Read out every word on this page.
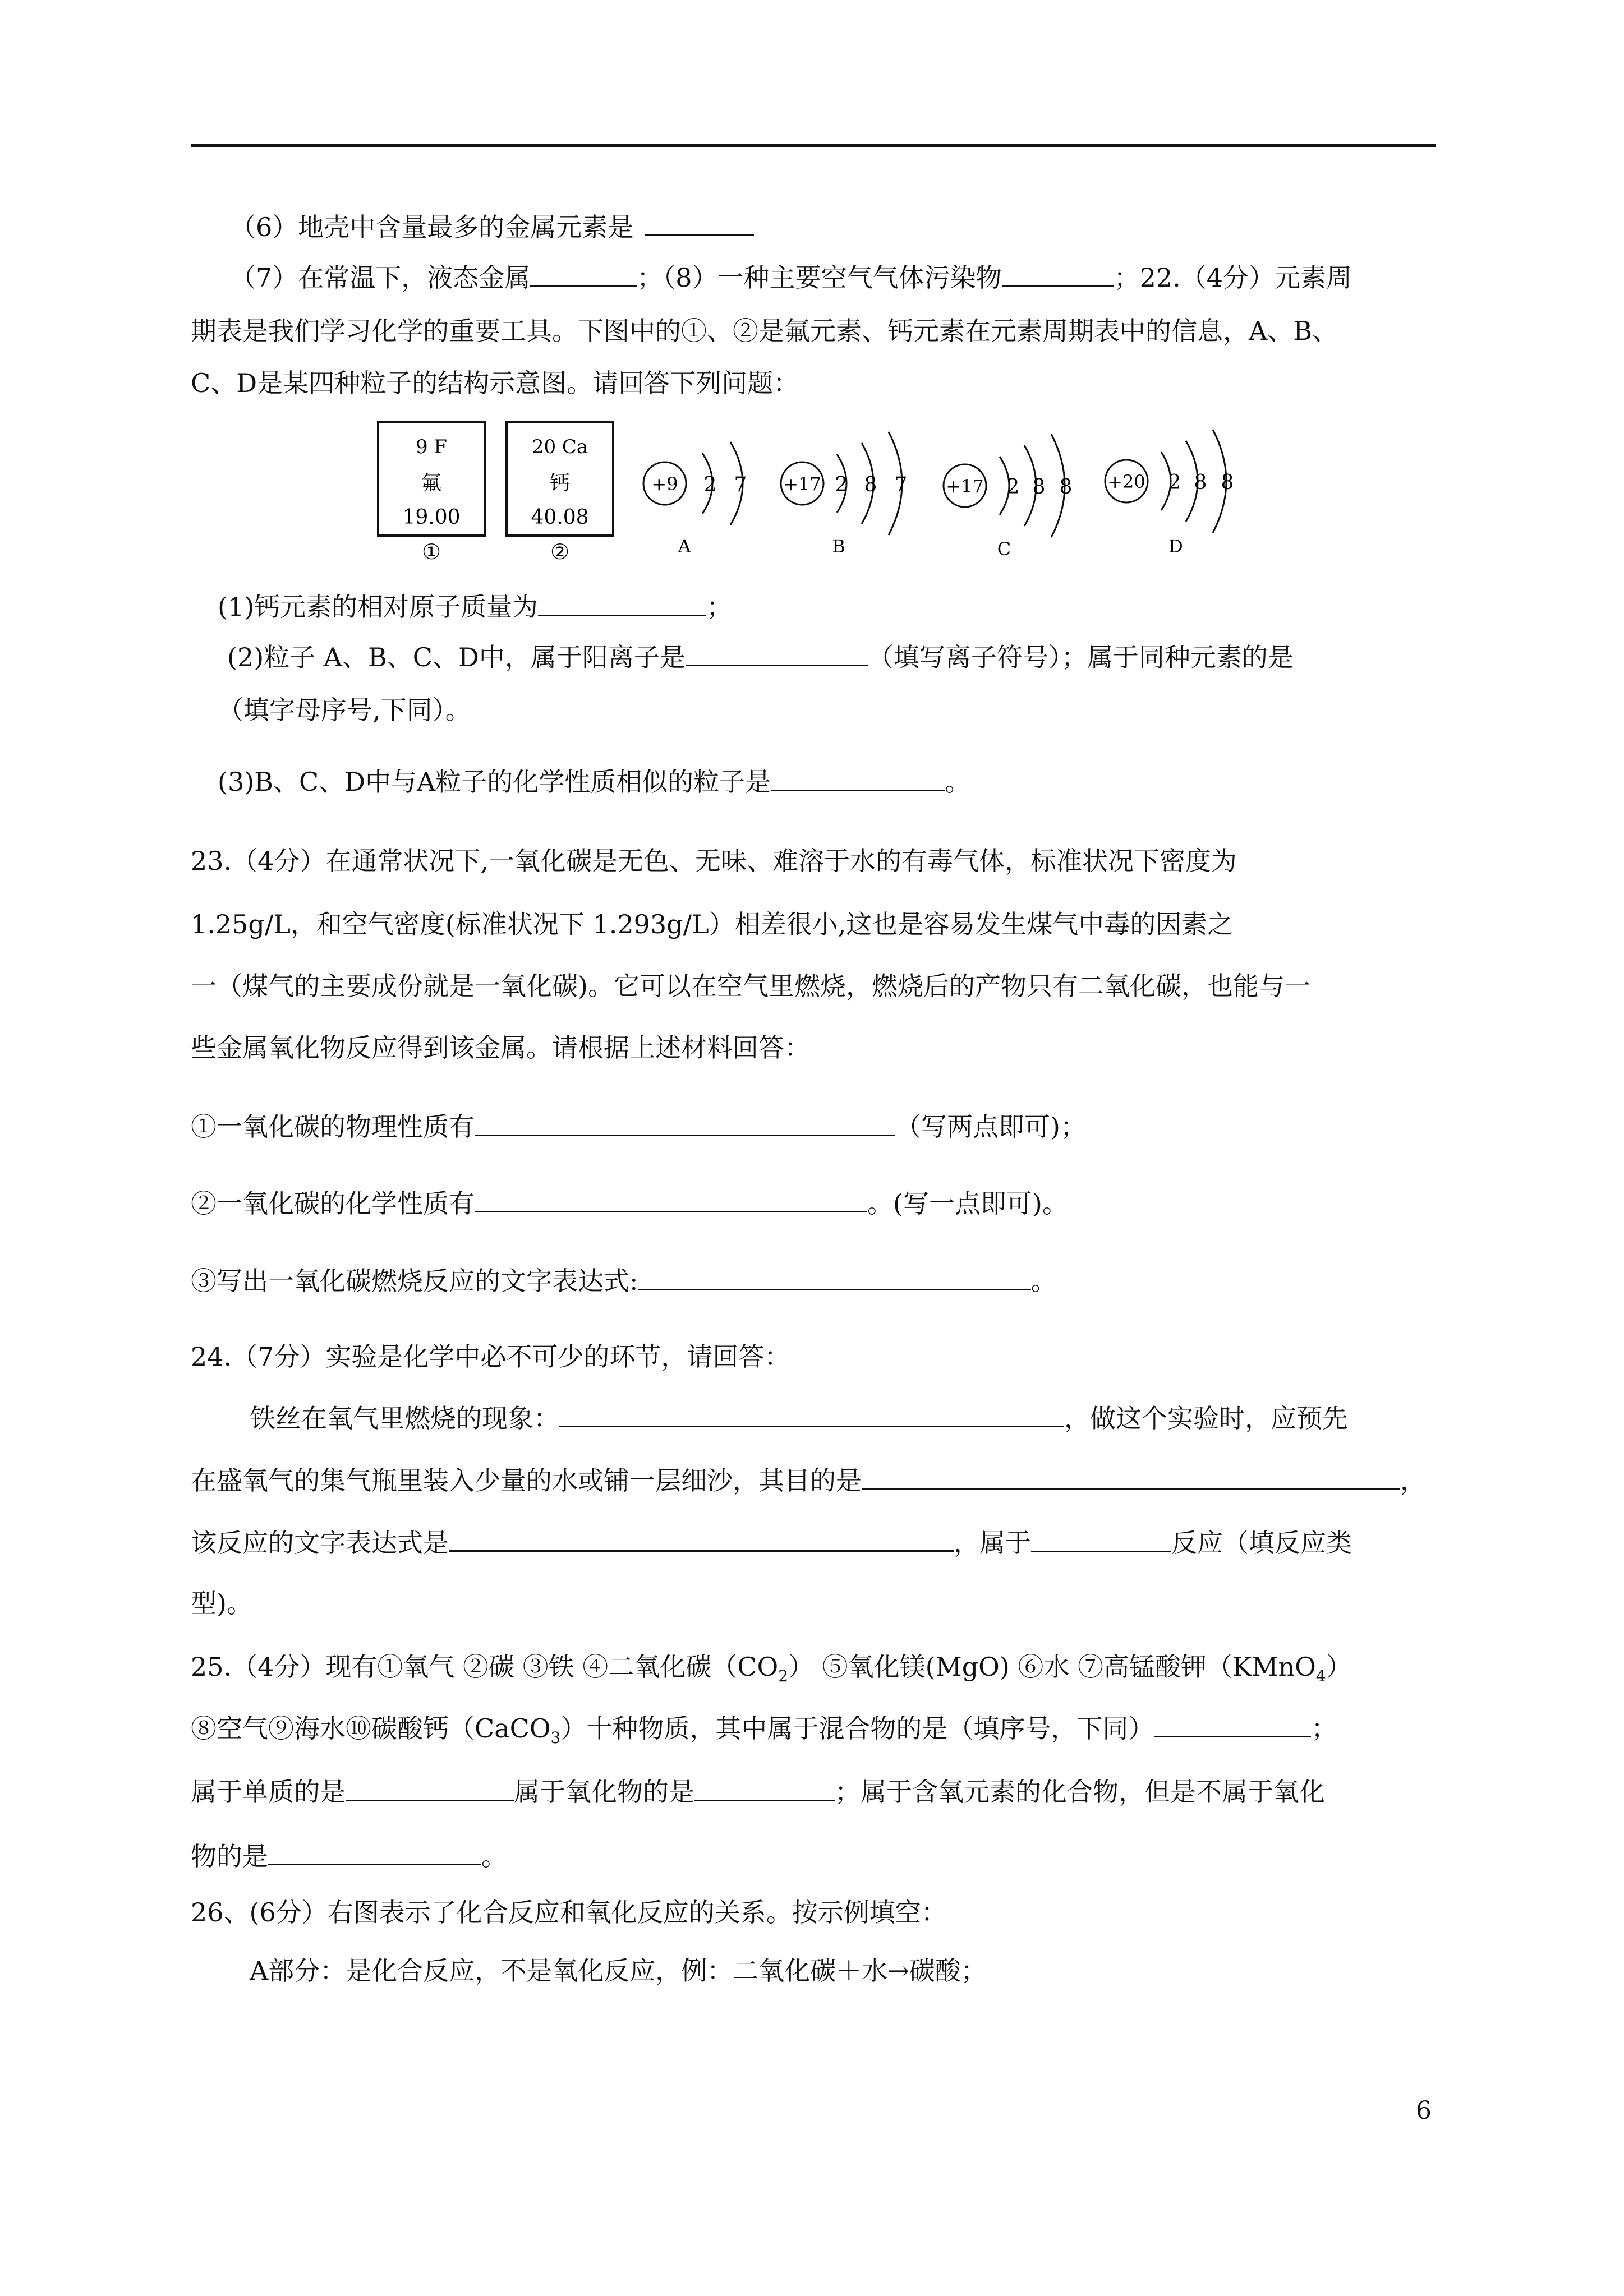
（6）地壳中含量最多的金属元素是
（7）在常温下，液态金属	；（8）一种主要空气气体污染物	；22.（4分）元素周
期表是我们学习化学的重要工具。下图中的①、②是氟元素、钙元素在元素周期表中的信息，A、B、
C、D是某四种粒子的结构示意图。请回答下列问题：
9 F
氟
19.00
①
20 Ca
钙
40.08
②
+9 2 7
A
+17 2 8 7
B
+17 2 8 8
C
+20 2 8 8
D
(1)钙元素的相对原子质量为	；
(2)粒子 A、B、C、D中，属于阳离子是	（填写离子符号）；属于同种元素的是
（填字母序号,下同）。
(3)B、C、D中与A粒子的化学性质相似的粒子是	。
23.（4分）在通常状况下,一氧化碳是无色、无味、难溶于水的有毒气体，标准状况下密度为
1.25g/L，和空气密度(标准状况下 1.293g/L）相差很小,这也是容易发生煤气中毒的因素之
一（煤气的主要成份就是一氧化碳)。它可以在空气里燃烧，燃烧后的产物只有二氧化碳，也能与一
些金属氧化物反应得到该金属。请根据上述材料回答：
①一氧化碳的物理性质有	（写两点即可)；
②一氧化碳的化学性质有	。(写一点即可)。
③写出一氧化碳燃烧反应的文字表达式:	。
24.（7分）实验是化学中必不可少的环节，请回答：
铁丝在氧气里燃烧的现象：	，做这个实验时，应预先
在盛氧气的集气瓶里装入少量的水或铺一层细沙，其目的是	，
该反应的文字表达式是	，属于	反应（填反应类
型)。
25.（4分）现有①氧气 ②碳 ③铁 ④二氧化碳$(CO_2)$ ⑤氧化镁(MgO) ⑥水 ⑦高锰酸钾（KMnO$_4$）
⑧空气⑨海水⑩碳酸钙（CaCO$_3$）十种物质，其中属于混合物的是（填序号，下同）	；
属于单质的是	属于氧化物的是	；属于含氧元素的化合物，但是不属于氧化
物的是	。
26、(6分）右图表示了化合反应和氧化反应的关系。按示例填空：
A部分：是化合反应，不是氧化反应，例：二氧化碳＋水→碳酸；
6
